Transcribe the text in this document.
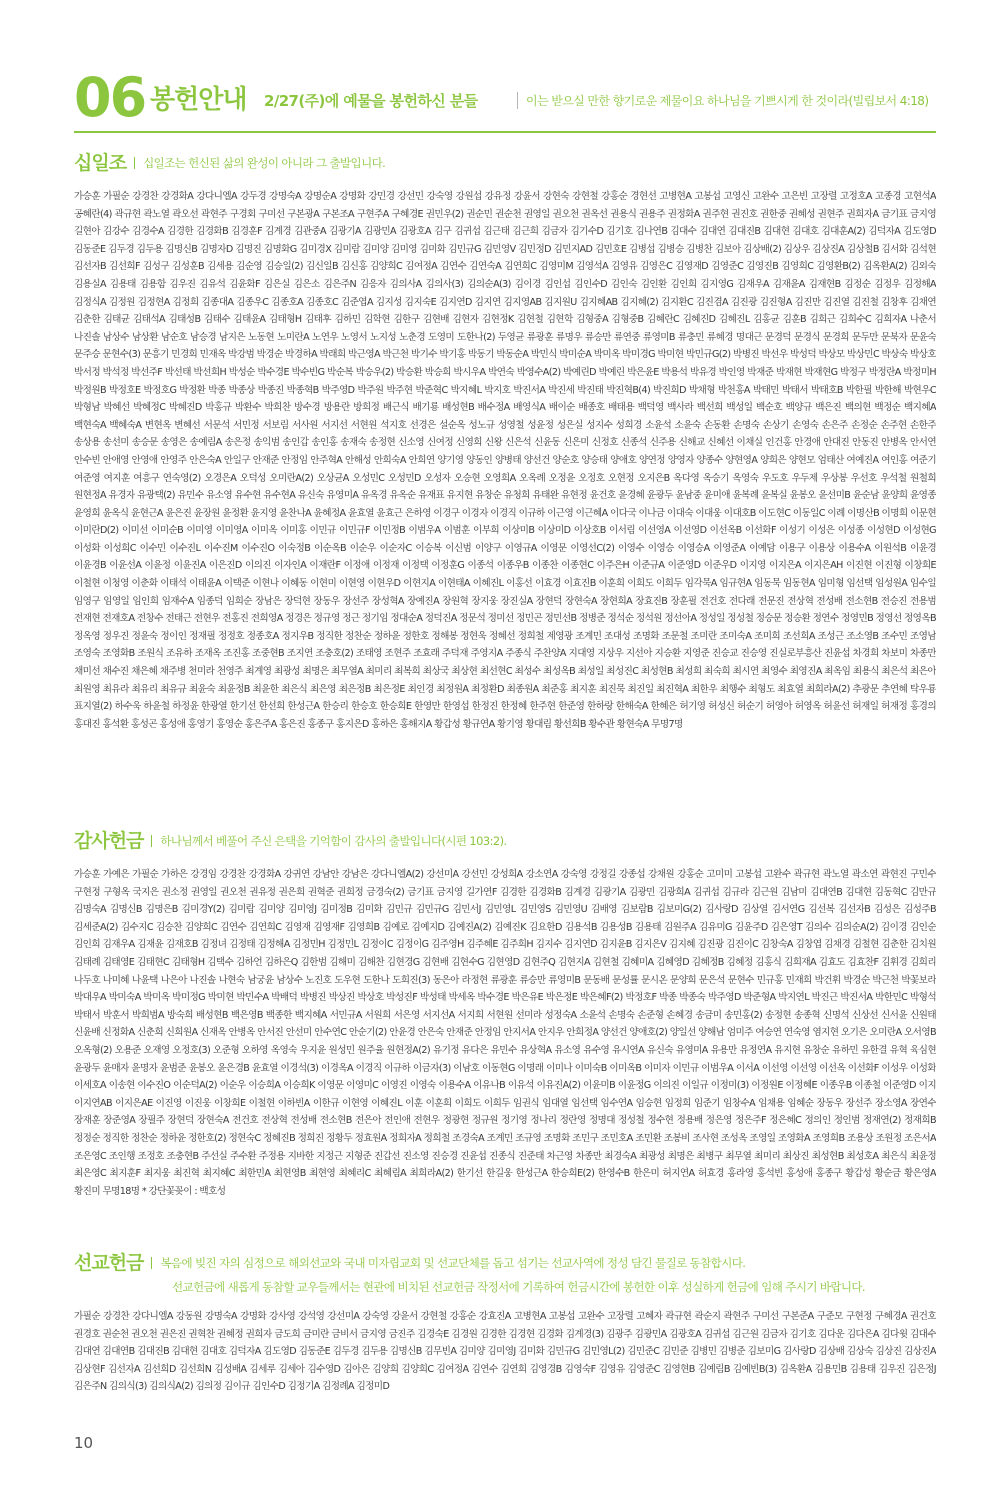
06 봉헌안내 2/27(주)에 예물을 봉헌하신 분들	이는 받으실 만한 향기로운 제물이요 하나님을 기쁘시게 한 것이라(빌립보서 4:18)
십일조 십일조는 헌신된 삶의 완성이 아니라 그 출발입니다.
가승훈 가필순 강경찬 강경화A 강다니엘A 강두경 강명숙A 강명순A 강명화 강민경 강선민 강숙영 강원섭 강유정 강윤서 강현숙 강현철 강홍순 경현선 고병현A 고봉섭 고영신 고완수 고은빈 고장렬 고정호A 고종경 고현석A 공혜란(4) 곽규현 곽노열 곽오선 곽현주 구경회 구미선 구본광A 구본조A 구현주A 구혜경E 권민우(2) 권순민 권순천 권영일 권오천 권옥선 권용식 권용주 권정화A 권주현 권진호 권한중 권혜성 권현주 권희자A 금기표 금지영 길현아 김강수 김경수A 김경한 김경화B 김경훈F 김계경 김관중A 김광기A 김광민A 김광호A 김구 김귀섭 김근태 김근희 김금자 김기수D 김기호 김나연B 김대수 김대연 김대진B 김대현 김대호 김대훈A(2) 김덕자A 김도영D 김동준E 김두경 김두용 김명신B 김명자D 김명진 김명화G 김미경X 김미람 김미양 김미영 김미화 김민규G 김민영V 김민정D 김민지AD 김민호E 김병섭 김병승 김병찬 김보아 김상배(2) 김상우 김상진A 김상철B 김서화 김석현 김선자B 김선희F 김성구 김성훈B 김세용 김순영 김승일(2) 김신일B 김신홍 김양희C 김여정A 김연수 김연숙A 김연희C 김영미M 김영석A 김영유 김영은C 김영재D 김영준C 김영진B 김영희C 김영환B(2) 김옥환A(2) 김외숙 김용실A 김용태 김용함 김우진 김유석 김윤화F 김은실 김은소 김은주N 김응자 김의사A 김의사(3) 김의순A(3) 김이경 김인섭 김인수D 김인숙 김인환 김인희 김지영G 김재우A 김재윤A 김재현B 김정순 김정우 김정해A 김정식A 김정원 김정현A 김정희 김종대A 김종우C 김종호A 김종호C 김준엽A 김지성 김지숙E 김지연D 김지연 김지영AB 김지원U 김지혜AB 김지혜(2) 김지환C 김진겸A 김진광 김진형A 김진만 김진열 김진철 김창후 김채연 김춘한 김태균 김태석A 김태성B 김태수 김태윤A 김태형H 김태후 김하민 김학현 김한구 김현배 김현자 김현정K 김현철 김현학 김형중A 김형중B 김혜란C 김혜진D 김혜진L 김홍균 김훈B 김희근 김희수C 김희자A 나춘서 나진솔 남상수 남상환 남순호 남승경 남지은 노동현 노미란A 노연우 노영서 노지성 노춘경 도영미 도한나(2) 두영균 류광훈 류명우 류승만 류연중 류영미B 류충민 류혜경 명대근 문경덕 문경식 문경희 문두만 문북자 문윤숙 문주승 문현수(3) 문흥기 민경희 민재옥 박강범 박경순 박경하A 박래희 박근영A 박근천 박기수 박기홍 박동기 박동순A 박민식 박미순A 박미옥 박미경G 박미현 박민규G(2) 박병진 박선우 박성덕 박상모 박상민C 박상숙 박상호 박서정 박석정 박선주F 박선태 박선희H 박성순 박수경E 박수빈G 박순복 박승우(2) 박승환 박승희 박시우A 박연숙 박영수A(2) 박예린D 박예린 박은윤E 박용석 박유경 박인영 박재준 박재현 박재현G 박정구 박정란A 박정미H 박정원B 박정호E 박정호G 박정환 박종 박종상 박종진 박종혁B 박주영D 박주원 박주현 박준혁C 박지혜L 박지호 박진서A 박진세 박진태 박진혁B(4) 박진희D 박채형 박천홍A 박태민 박태서 박태호B 박한필 박한해 박현우C 박형남 박혜선 박혜정C 박혜진D 박홍규 박환수 박희찬 방수경 방용란 방희정 배근식 배기룡 배성현B 배수정A 배영식A 배이순 배종호 배태용 백덕영 백사라 백선희 백성일 백순호 백양규 백은진 백의현 백정순 백지혜A 백현숙A 백혜숙A 변현옥 변혜선 서문석 서민정 서보림 서사원 서지선 서현원 석지호 선경은 설순옥 성노규 성영철 성윤정 성은실 성지수 성희경 소윤석 소윤숙 손동환 손명숙 손상기 손영숙 손은주 손정순 손주현 손한주 송상용 송선미 송승문 송영은 송예림A 송은정 송익범 송인갑 송인홍 송재숙 송정현 신소영 신여정 신영희 신왕 신은석 신윤동 신은미 신정호 신종석 신주용 신해교 신혜선 이채실 인건홍 안경애 안대진 안동진 안병옥 안서연 안수빈 안애영 안영애 안영주 안은숙A 안일구 안재준 안정임 안주혁A 안해성 안희숙A 안희연 양기영 양동인 양병태 양선건 양순호 양승태 양애호 양연정 양영자 양종수 양현영A 양희은 양현모 엄태산 여예진A 여인홍 여준기 여준영 여지훈 여흥구 연숙영(2) 오경은A 오덕성 오미란A(2) 오상균A 오성민C 오성민D 오성자 오승현 오영희A 오옥례 오정윤 오정호 오현정 오지은B 옥다영 옥승기 옥영숙 우도호 우두제 우상봉 우선호 우석철 원철희 원현정A 유경자 유광택(2) 유민수 유소영 유수현 유수현A 유신숙 유영미A 유옥경 유옥순 유재표 유지현 유창순 유청희 유태완 유현정 윤건호 윤경혜 윤광두 윤남중 윤미애 윤복례 윤복실 윤봉오 윤선미B 윤순남 윤양희 윤영종 윤영희 윤옥식 윤현근A 윤은진 윤장원 윤정환 윤지영 윤찬나A 윤혜정A 윤효열 윤효근 은하영 이경구 이경자 이경직 이규하 이근영 이근혜A 이다국 이나금 이대숙 이대웅 이대호B 이도현C 이동일C 이례 이명산B 이명희 이문현 이미란D(2) 이미선 이미순B 이미영 이미영A 이미옥 이미홍 이민규 이민규F 이민정B 이범우A 이범훈 이부희 이상미B 이상미D 이상호B 이서림 이선영A 이선영D 이선옥B 이선화F 이성기 이성은 이성종 이성현D 이성현G 이성화 이성희C 이수민 이수진L 이수진M 이수진O 이숙정B 이순옥B 이순우 이순자C 이승복 이신범 이양구 이영규A 이영문 이영선C(2) 이영수 이영승 이영승A 이영준A 이예담 이용구 이용상 이용수A 이원석B 이윤경 이윤경B 이윤선A 이윤정 이윤진A 이은진D 이의진 이자인A 이재란F 이정애 이정재 이정택 이정훈G 이종석 이종우B 이종찬 이종현C 이주은H 이준규A 이준영D 이준우D 이지영 이지은A 이지은AH 이진현 이진형 이창희E 이철현 이청영 이춘화 이태석 이태윤A 이택준 이현나 이혜동 이현미 이현영 이현우D 이현지A 이현태A 이혜진L 이홍선 이효경 이효진B 이훈희 이희도 이희두 임각묵A 임규현A 임동묵 임동현A 임미형 임선택 임성원A 임수일 임영구 임영일 임인희 임재수A 임종덕 임희순 장남은 장덕현 장동우 장선주 장성혁A 장예진A 장원혁 장지웅 장진실A 장현덕 장현숙A 장현희A 장효진B 장훈필 전건호 전다래 전문진 전상혁 전성배 전소현B 전승진 전용범 전재현 전재호A 전창수 전태근 전현우 전홍진 전희영A 정경은 정규영 정근 정기임 정대순A 정덕진A 정문석 정미선 정민곤 정민선B 정병준 정석순 정석원 정선아A 정성일 정성철 정승문 정승환 정연수 정영민B 정영선 정영옥B 정옥영 정우진 정윤숙 정이인 정재필 정정호 정종호A 정지우B 정직한 정찬순 정하윤 정한호 정해봉 정현욱 정혜선 정희철 제영광 조계민 조대성 조명화 조문철 조미란 조미숙A 조미희 조선희A 조성근 조소영B 조수민 조영남 조영숙 조영화B 조원식 조유하 조재옥 조진홍 조중현B 조지연 조충호(2) 조태영 조현주 조효래 주덕재 주영지A 주종식 주찬양A 지대영 지상우 지선아 지승환 지영준 진승교 진승영 진실로부흥산 진윤섭 차경희 차보미 차종만 채미선 채수진 채은혜 채주병 천미라 천영주 최계영 최광성 최명은 최무열A 최미리 최복희 최상국 최상현 최선현C 최성수 최성옥B 최성일 최성진C 최성현B 최성희 최숙희 최시연 최영수 최영진A 최옥임 최용식 최은석 최은아 최원영 최유라 최유리 최유규 최윤숙 최윤정B 최윤한 최은식 최은영 최은정B 최은정E 최인경 최정원A 최정환D 최종원A 최준홍 최지훈 최진묵 최진일 최진혁A 최한우 최행수 최형도 최효열 최희라A(2) 추광문 추연혜 탁우룡 표지열(2) 하수욱 하윤철 하정윤 한광열 한기선 한선희 한성근A 한승리 한승호 한승희E 한영만 한영섭 한정진 한정혜 한주현 한준영 한하랑 한해숙A 한혜은 허기영 허성신 허순기 허영아 허영옥 허윤선 허재일 허재정 홍경의 홍대진 홍석환 홍성곤 홍성애 홍영기 홍영순 홍은주A 홍은진 홍종구 홍지은D 홍하은 홍해지A 황갑성 황규연A 황기영 황대림 황선희B 황수관 황현숙A 무명7명
감사헌금 하나님께서 베풀어 주신 은택을 기억함이 감사의 출발입니다(시편 103:2).
가승훈 가예은 가필순 가하은 강경임 강경찬 강경화A 강귀연 강남안 강남은 강다니엘A(2) 강선미A 강선민 강성희A 강소연A 강숙영 강정길 강종섭 강채원 강홍순 고미미 고봉섭 고완수 곽규현 곽노열 곽소연 곽현진 구민수 구현정 구형옥 국지은 권소정 권영일 권오천 권유정 권은희 권혁준 권희정 금경숙(2) 금기표 금지영 길가연F 김경한 김경화B 김계경 김광기A 김광민 김광희A 김귀섭 김규라 김근원 김남미 김대연B 김대현 김동혁C 김만규 김명숙A 김명신B 김명은B 김미경Y(2) 김미람 김미양 김미영J 김미정B 김미화 김민규 김민규G 김민서J 김민영L 김민영S 김민영U 김배영 김보람B 김보미G(2) 김사랑D 김상열 김서연G 김선복 김선자B 김성은 김성주B 김세준A(2) 김수지C 김승찬 김양희C 김연수 김연희C 김영재 김영재F 김영희B 김예로 김예지D 김예진A(2) 김예진K 김요한D 김용석B 김용성B 김용태 김원주A 김유미G 김윤주D 김은영T 김의수 김의순A(2) 김이경 김인순 김인희 김재우A 김재윤 김재호B 김정녀 김정태 김정해A 김정민H 김정민L 김정이C 김정이G 김주영H 김주혜E 김주희H 김지수 김지연D 김지윤B 김지은V 김지혜 김진광 김진이C 김창숙A 김창엽 김채경 김철현 김춘한 김치원 김태례 김태영E 김태현C 김태형H 김택수 김하언 김하은Q 김한범 김해미 김해찬 김현경G 김현배 김현수G 김현영D 김현주Q 김현지A 김현철 김혜미A 김혜영D 김혜정B 김혜정 김홍식 김희재A 김효도 김효찬F 김휘경 김희리 나두호 나미혜 나윤택 나은아 나진솔 나현숙 남궁윤 남상수 노진호 도우현 도한나 도희진(3) 동은아 라정현 류광훈 류승만 류영미B 문동배 문성률 문시온 문양희 문은석 문현수 민규홍 민재희 박건휘 박경순 박근천 박꽃보라 박대우A 박미숙A 박미옥 박미정G 박미현 박민수A 박배덕 박병진 박상진 박상호 박성진F 박성태 박세옥 박수경E 박은유E 박은정E 박은혜F(2) 박정호F 박종 박종숙 박주영D 박준형A 박지연L 박진근 박진서A 박한민C 박형석 박태서 박훈서 박희범A 방숙희 배성현B 백은영B 백종한 백지혜A 서민규A 서원희 서은영 서지선A 서지희 서현원 선미라 성정숙A 소윤석 손명숙 손준형 손혜경 송금미 송민홍(2) 송정현 송종혁 신명석 신상선 신서윤 신원태 신윤배 신정화A 신춘희 신희원A 신재옥 안병옥 안서진 안선미 안수연C 안순기(2) 안윤경 안은숙 안재준 안정임 안지서A 안지우 안희정A 양선건 양애호(2) 양일선 양해남 엄미주 여승연 연숙영 염지현 오기은 오미란A 오서영B 오옥형(2) 오용준 오재영 오정호(3) 오준형 오하영 옥영숙 우지윤 원성민 원주율 원현정A(2) 유기정 유다은 유민수 유상혁A 유소영 유수영 유시연A 유신숙 유영미A 유용만 유정연A 유지현 유창순 유하민 유한결 유혁 육심현 윤광두 윤매자 윤명자 윤범준 윤봉오 윤은경B 윤효열 이경석(3) 이경옥A 이경직 이규하 이금자(3) 이남호 이동현G 이명래 이미나 이미숙B 이미옥B 이미자 이민규 이범우A 이서A 이선영 이선영 이선옥 이선화F 이성우 이성화 이세호A 이송현 이수진O 이순덕A(2) 이순우 이승희A 이승희K 이영문 이영미C 이영진 이영숙 이용수A 이유나B 이유석 이유진A(2) 이윤미B 이윤정G 이의진 이일규 이정미(3) 이정원E 이정혜E 이종우B 이종철 이준영D 이지 이지연AB 이지은AE 이진영 이진웅 이창희E 이철현 이하빈A 이한규 이현영 이혜진L 이훈 이훈희 이희도 이희두 임권식 임대열 임선택 임수연A 임승현 임정희 임준기 임창수A 임채용 임혜순 장동우 장선주 장소영A 장연수 장재훈 장준영A 장필주 장현덕 장현숙A 전건호 전상혁 전성배 전소현B 전은아 전인애 전현우 정광현 정규원 정기영 정나리 정란영 정명대 정성철 정수현 정용배 정은영 정은주F 정은혜C 정의인 정인범 정재연(2) 정재희B 정정순 정직한 정찬순 정하윤 정한호(2) 정현숙C 정혜진B 정희진 정황두 정효원A 정희자A 정희철 조경숙A 조계민 조규영 조명화 조민구 조민호A 조민환 조봉비 조사현 조성옥 조영일 조영화A 조영희B 조용상 조원정 조은서A 조은영C 조인행 조정호 조충현B 주선실 주수환 주정용 지바한 지정근 지형준 진갑선 진소영 진승경 진윤섭 진종식 진준태 차근영 차종만 최경숙A 최광성 최명은 최병구 최무열 최미리 최상진 최성현B 최성호A 최은식 최윤정 최은영C 최지훈F 최지웅 최진혁 최지혜C 최한민A 최현영B 최현영 최혜리C 최혜림A 최희라A(2) 한기선 한길웅 한성근A 한승희E(2) 한영수B 한은미 허지연A 허효경 홍라영 홍석빈 홍성애 홍종구 황갑성 황순금 황은영A 황진미 무명18명 * 강단꽃꽂이 : 백호성
선교헌금 복음에 빚진 자의 심정으로 해외선교와 국내 미자립교회 및 선교단체를 돕고 섬기는 선교사역에 정성 담긴 물질로 동참합시다.
선교헌금에 새롭게 동참할 교우들께서는 현관에 비치된 선교헌금 작정서에 기록하여 헌금시간에 봉헌한 이후 성실하게 헌금에 임해 주시기 바랍니다.
가필순 강경찬 강다니엘A 강동원 강명숙A 강명화 강사영 강석영 강선미A 강숙영 강윤서 강현철 강홍순 강효진A 고병현A 고봉섭 고완수 고장렬 고혜자 곽규현 곽순지 곽현주 구미선 구본준A 구준모 구현정 구혜경A 권건호 권경호 권순천 권오천 권은진 권혁찬 권혜정 권희자 금도희 금미란 금비서 금지영 금진주 김경숙E 김경원 김경한 김경현 김경화 김계경(3) 김광주 김광민A 김광호A 김귀섭 김근원 김금자 김기호 김다운 김다은A 김다윗 김대수 김대연 김대연B 김대진B 김대현 김대호 김덕자A 김도영D 김동준E 김두경 김두용 김명신B 김무빈A 김미양 김미영J 김미화 김민규G 김민영L(2) 김민준C 김민준 김병민 김병준 김보미G 김사랑D 김상배 김상숙 김상진 김상진A 김상현F 김선자A 김선희D 김선희N 김성배A 김세루 김세아 김수영D 김아은 김양희 김양희C 김여정A 김연수 김연희 김영경B 김영숙F 김영유 김영준C 김영현B 김예림B 김예빈B(3) 김옥환A 김용민B 김용태 김우진 김은정J 김은주N 김의식(3) 김의식A(2) 김의정 김이규 김인수D 김정기A 김정례A 김정미D
10
